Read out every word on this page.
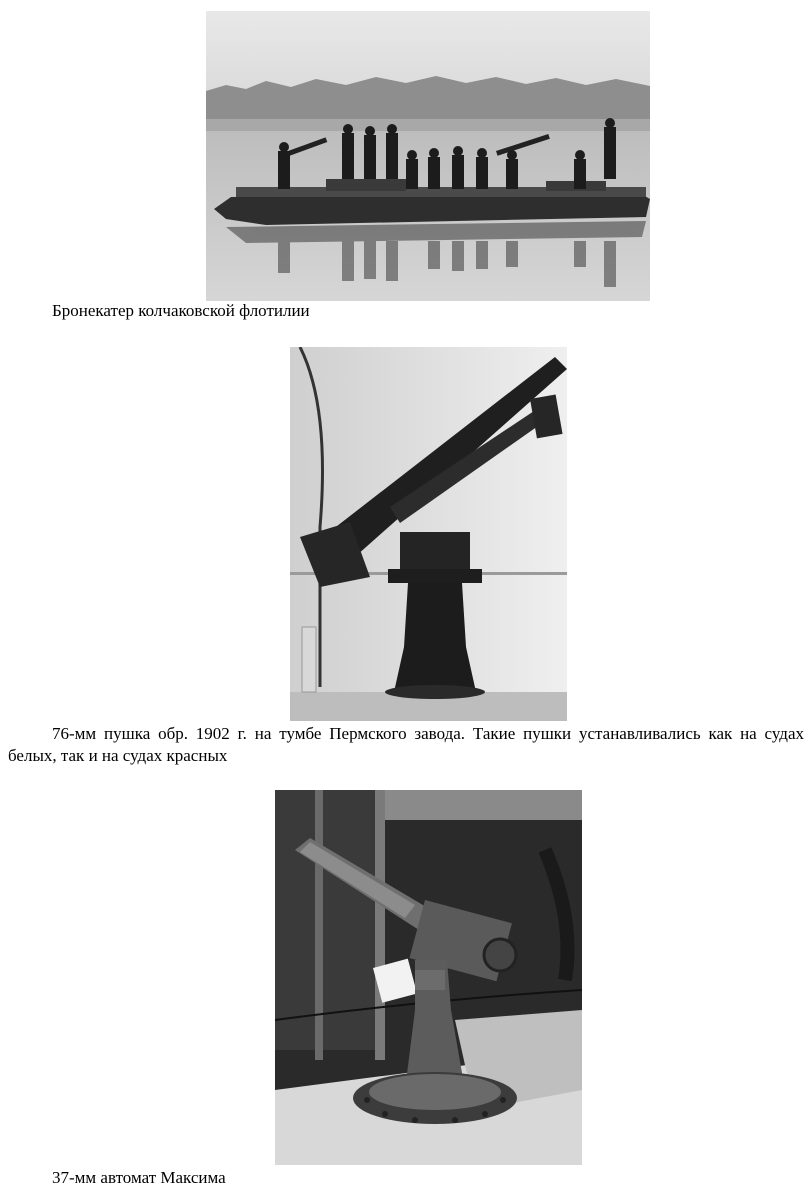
Бронекатер колчаковской флотилии

76-мм пушка обр. 1902 г. на тумбе Пермского завода. Такие пушки устанавливались как на судах белых, так и на судах красных

37-мм автомат Максима
